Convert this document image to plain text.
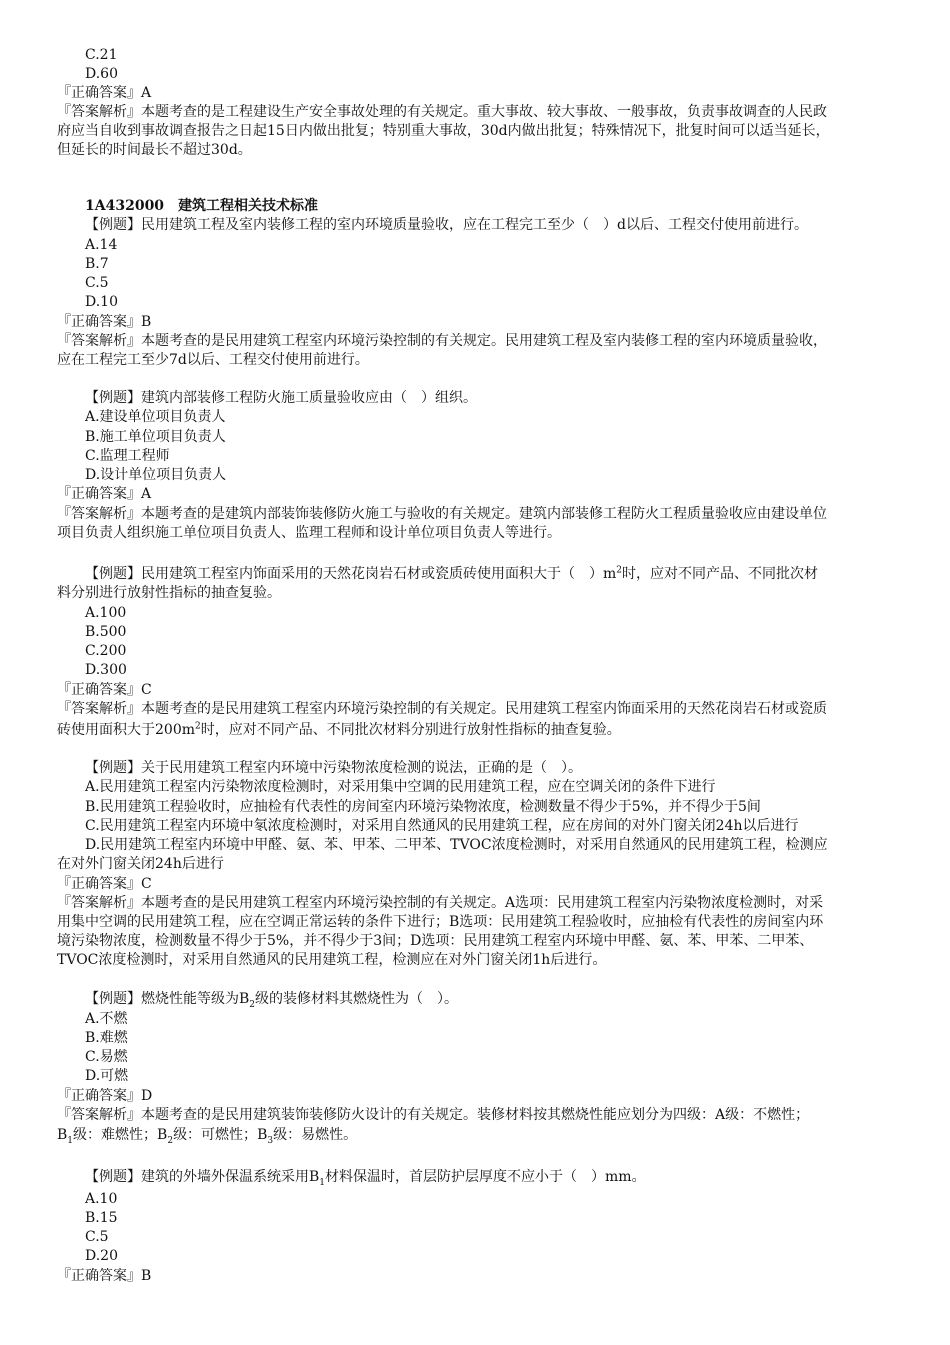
C.21
D.60
『正确答案』A
『答案解析』本题考查的是工程建设生产安全事故处理的有关规定。重大事故、较大事故、一般事故，负责事故调查的人民政
府应当自收到事故调查报告之日起15日内做出批复；特别重大事故，30d内做出批复；特殊情况下，批复时间可以适当延长，
但延长的时间最长不超过30d。
1A432000 建筑工程相关技术标准
【例题】民用建筑工程及室内装修工程的室内环境质量验收，应在工程完工至少（　）d以后、工程交付使用前进行。
A.14
B.7
C.5
D.10
『正确答案』B
『答案解析』本题考查的是民用建筑工程室内环境污染控制的有关规定。民用建筑工程及室内装修工程的室内环境质量验收，
应在工程完工至少7d以后、工程交付使用前进行。
【例题】建筑内部装修工程防火施工质量验收应由（　）组织。
A.建设单位项目负责人
B.施工单位项目负责人
C.监理工程师
D.设计单位项目负责人
『正确答案』A
『答案解析』本题考查的是建筑内部装饰装修防火施工与验收的有关规定。建筑内部装修工程防火工程质量验收应由建设单位
项目负责人组织施工单位项目负责人、监理工程师和设计单位项目负责人等进行。
【例题】民用建筑工程室内饰面采用的天然花岗岩石材或瓷质砖使用面积大于（　）$m^2$时，应对不同产品、不同批次材
料分别进行放射性指标的抽查复验。
A.100
B.500
C.200
D.300
『正确答案』C
『答案解析』本题考查的是民用建筑工程室内环境污染控制的有关规定。民用建筑工程室内饰面采用的天然花岗岩石材或瓷质
砖使用面积大于$200m^2$时，应对不同产品、不同批次材料分别进行放射性指标的抽查复验。
【例题】关于民用建筑工程室内环境中污染物浓度检测的说法，正确的是（　）。
A.民用建筑工程室内污染物浓度检测时，对采用集中空调的民用建筑工程，应在空调关闭的条件下进行
B.民用建筑工程验收时，应抽检有代表性的房间室内环境污染物浓度，检测数量不得少于5%，并不得少于5间
C.民用建筑工程室内环境中氡浓度检测时，对采用自然通风的民用建筑工程，应在房间的对外门窗关闭24h以后进行
D.民用建筑工程室内环境中甲醛、氨、苯、甲苯、二甲苯、TVOC浓度检测时，对采用自然通风的民用建筑工程，检测应
在对外门窗关闭24h后进行
『正确答案』C
『答案解析』本题考查的是民用建筑工程室内环境污染控制的有关规定。A选项：民用建筑工程室内污染物浓度检测时，对采
用集中空调的民用建筑工程，应在空调正常运转的条件下进行；B选项：民用建筑工程验收时，应抽检有代表性的房间室内环
境污染物浓度，检测数量不得少于5%，并不得少于3间；D选项：民用建筑工程室内环境中甲醛、氨、苯、甲苯、二甲苯、
TVOC浓度检测时，对采用自然通风的民用建筑工程，检测应在对外门窗关闭1h后进行。
【例题】燃烧性能等级为$B_2$级的装修材料其燃烧性为（　）。
A.不燃
B.难燃
C.易燃
D.可燃
『正确答案』D
『答案解析』本题考查的是民用建筑装饰装修防火设计的有关规定。装修材料按其燃烧性能应划分为四级：A级：不燃性；
$B_1$级：难燃性；$B_2$级：可燃性；$B_3$级：易燃性。
【例题】建筑的外墙外保温系统采用$B_1$材料保温时，首层防护层厚度不应小于（　）mm。
A.10
B.15
C.5
D.20
『正确答案』B
